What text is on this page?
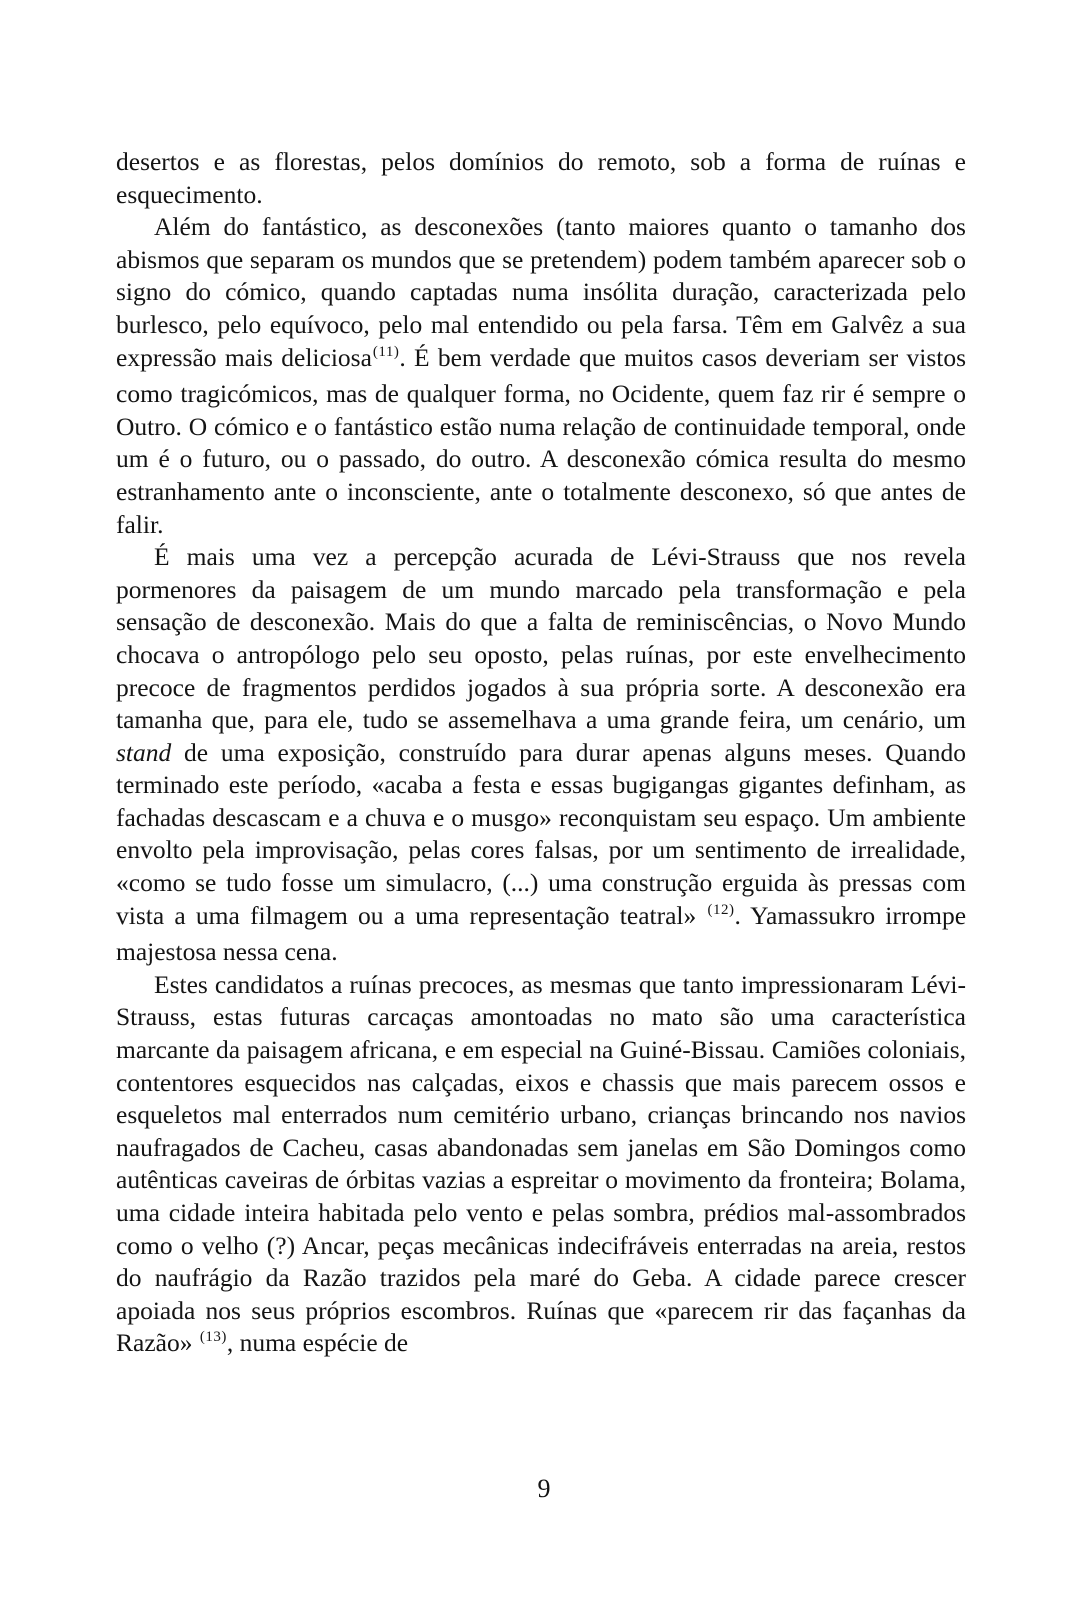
desertos e as florestas, pelos domínios do remoto, sob a forma de ruínas e esquecimento.

Além do fantástico, as desconexões (tanto maiores quanto o tamanho dos abismos que separam os mundos que se pretendem) podem também aparecer sob o signo do cómico, quando captadas numa insólita duração, caracterizada pelo burlesco, pelo equívoco, pelo mal entendido ou pela farsa. Têm em Galvêz a sua expressão mais deliciosa$^{(11)}$. É bem verdade que muitos casos deveriam ser vistos como tragicómicos, mas de qualquer forma, no Ocidente, quem faz rir é sempre o Outro. O cómico e o fantástico estão numa relação de continuidade temporal, onde um é o futuro, ou o passado, do outro. A desconexão cómica resulta do mesmo estranhamento ante o inconsciente, ante o totalmente desconexo, só que antes de falir.

É mais uma vez a percepção acurada de Lévi-Strauss que nos revela pormenores da paisagem de um mundo marcado pela transformação e pela sensação de desconexão. Mais do que a falta de reminiscências, o Novo Mundo chocava o antropólogo pelo seu oposto, pelas ruínas, por este envelhecimento precoce de fragmentos perdidos jogados à sua própria sorte. A desconexão era tamanha que, para ele, tudo se assemelhava a uma grande feira, um cenário, um stand de uma exposição, construído para durar apenas alguns meses. Quando terminado este período, «acaba a festa e essas bugigangas gigantes definham, as fachadas descascam e a chuva e o musgo» reconquistam seu espaço. Um ambiente envolto pela improvisação, pelas cores falsas, por um sentimento de irrealidade, «como se tudo fosse um simulacro, (...) uma construção erguida às pressas com vista a uma filmagem ou a uma representação teatral» $^{(12)}$. Yamassukro irrompe majestosa nessa cena.

Estes candidatos a ruínas precoces, as mesmas que tanto impressionaram Lévi-Strauss, estas futuras carcaças amontoadas no mato são uma característica marcante da paisagem africana, e em especial na Guiné-Bissau. Camiões coloniais, contentores esquecidos nas calçadas, eixos e chassis que mais parecem ossos e esqueletos mal enterrados num cemitério urbano, crianças brincando nos navios naufragados de Cacheu, casas abandonadas sem janelas em São Domingos como autênticas caveiras de órbitas vazias a espreitar o movimento da fronteira; Bolama, uma cidade inteira habitada pelo vento e pelas sombra, prédios mal-assombrados como o velho (?) Ancar, peças mecânicas indecifráveis enterradas na areia, restos do naufrágio da Razão trazidos pela maré do Geba. A cidade parece crescer apoiada nos seus próprios escombros. Ruínas que «parecem rir das façanhas da Razão» $^{(13)}$, numa espécie de

9
